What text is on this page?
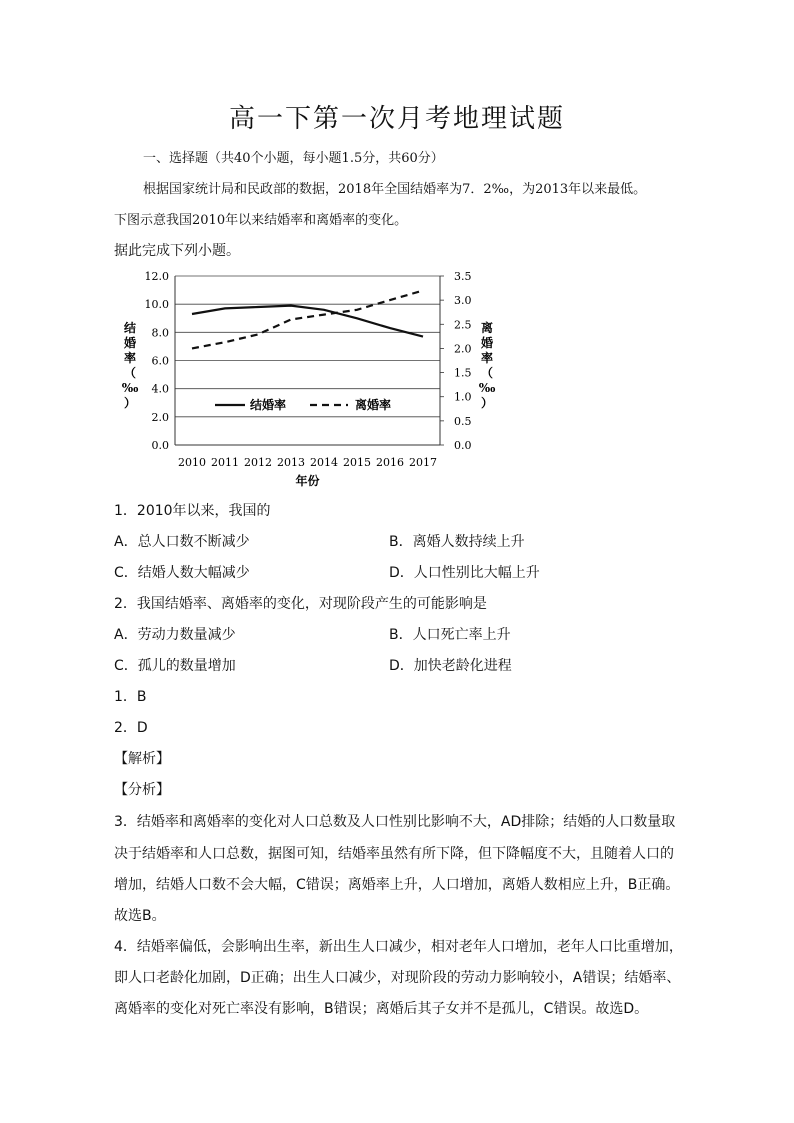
高一下第一次月考地理试题
一、选择题（共40个小题，每小题1.5分，共60分）
根据国家统计局和民政部的数据，2018年全国结婚率为7．2‰，为2013年以来最低。
下图示意我国2010年以来结婚率和离婚率的变化。
据此完成下列小题。
0.0
2.0
4.0
6.0
8.0
10.0
12.0
0.0
0.5
1.0
1.5
2.0
2.5
3.0
3.5
2010 2011 2012 2013 2014 2015 2016 2017
年份
结
婚
率
（
‰
）
离
婚
率
（
‰
）
结婚率	离婚率
1．2010年以来，我国的
A．总人口数不断减少	B．离婚人数持续上升
C．结婚人数大幅减少	D．人口性别比大幅上升
2．我国结婚率、离婚率的变化，对现阶段产生的可能影响是
A．劳动力数量减少	B．人口死亡率上升
C．孤儿的数量增加	D．加快老龄化进程
1．B
2．D
【解析】
【分析】
3．结婚率和离婚率的变化对人口总数及人口性别比影响不大，AD排除；结婚的人口数量取
决于结婚率和人口总数，据图可知，结婚率虽然有所下降，但下降幅度不大，且随着人口的
增加，结婚人口数不会大幅，C错误；离婚率上升，人口增加，离婚人数相应上升，B正确。
故选B。
4．结婚率偏低，会影响出生率，新出生人口减少，相对老年人口增加，老年人口比重增加，
即人口老龄化加剧，D正确；出生人口减少，对现阶段的劳动力影响较小，A错误；结婚率、
离婚率的变化对死亡率没有影响，B错误；离婚后其子女并不是孤儿，C错误。故选D。
